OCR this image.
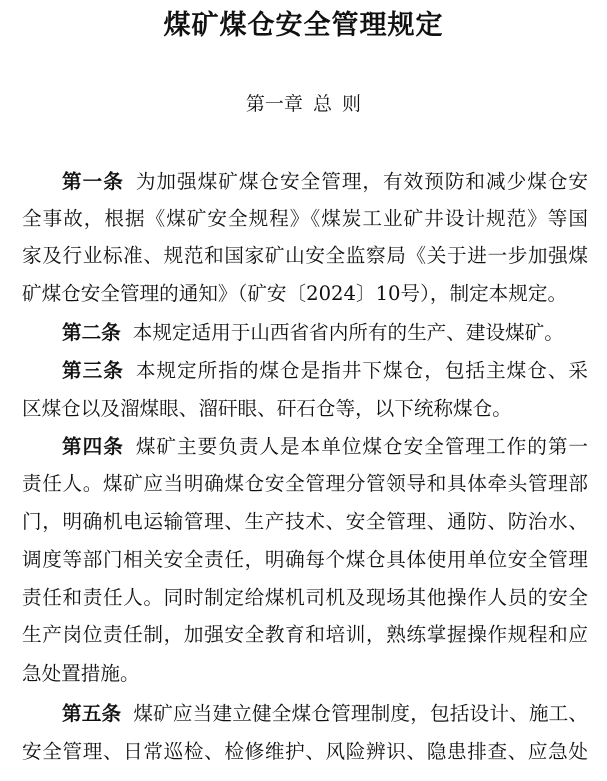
煤矿煤仓安全管理规定
第一章 总 则
第一条 为加强煤矿煤仓安全管理，有效预防和减少煤仓安
全事故，根据《煤矿安全规程》《煤炭工业矿井设计规范》等国
家及行业标准、规范和国家矿山安全监察局《关于进一步加强煤
矿煤仓安全管理的通知》（矿安〔2024〕10号），制定本规定。
第二条 本规定适用于山西省省内所有的生产、建设煤矿。
第三条 本规定所指的煤仓是指井下煤仓，包括主煤仓、采
区煤仓以及溜煤眼、溜矸眼、矸石仓等，以下统称煤仓。
第四条 煤矿主要负责人是本单位煤仓安全管理工作的第一
责任人。煤矿应当明确煤仓安全管理分管领导和具体牵头管理部
门，明确机电运输管理、生产技术、安全管理、通防、防治水、
调度等部门相关安全责任，明确每个煤仓具体使用单位安全管理
责任和责任人。同时制定给煤机司机及现场其他操作人员的安全
生产岗位责任制，加强安全教育和培训，熟练掌握操作规程和应
急处置措施。
第五条 煤矿应当建立健全煤仓管理制度，包括设计、施工、
安全管理、日常巡检、检修维护、风险辨识、隐患排查、应急处
